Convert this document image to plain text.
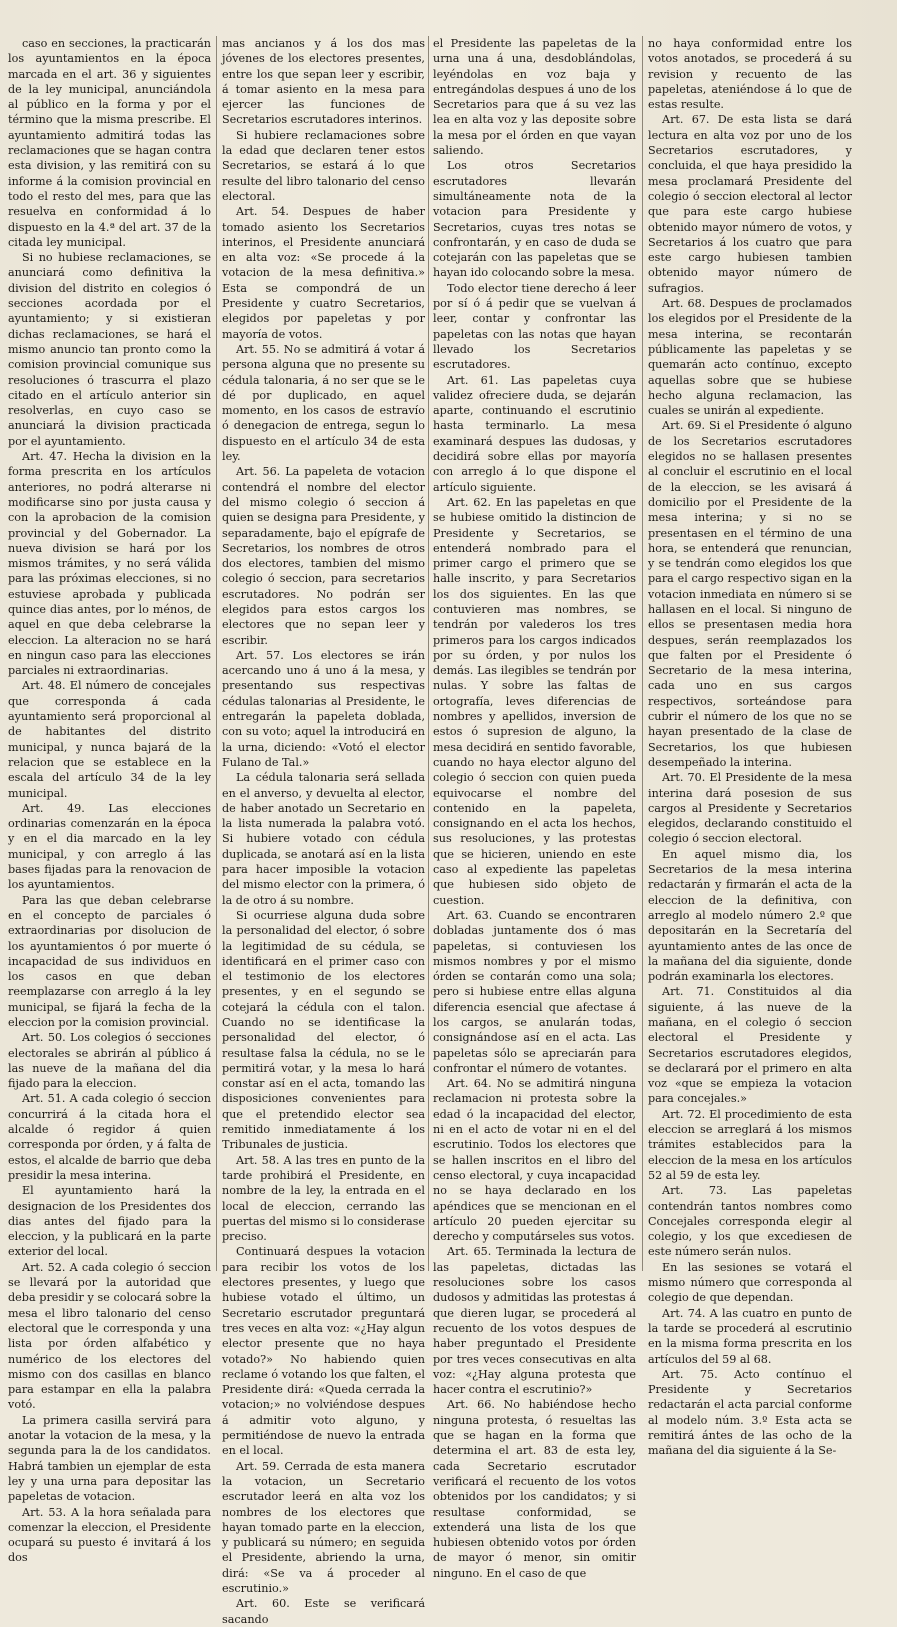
caso en secciones, la practicarán los ayuntamientos en la época marcada en el art. 36 y siguientes de la ley municipal, anunciándola al público en la forma y por el término que la misma prescribe. El ayuntamiento admitirá todas las reclamaciones que se hagan contra esta division, y las remitirá con su informe á la comision provincial en todo el resto del mes, para que las resuelva en conformidad á lo dispuesto en la 4.ª del art. 37 de la citada ley municipal.

Si no hubiese reclamaciones, se anunciará como definitiva la division del distrito en colegios ó secciones acordada por el ayuntamiento; y si existieran dichas reclamaciones, se hará el mismo anuncio tan pronto como la comision provincial comunique sus resoluciones ó trascurra el plazo citado en el artículo anterior sin resolverlas, en cuyo caso se anunciará la division practicada por el ayuntamiento.

Art. 47. Hecha la division en la forma prescrita en los artículos anteriores, no podrá alterarse ni modificarse sino por justa causa y con la aprobacion de la comision provincial y del Gobernador. La nueva division se hará por los mismos trámites, y no será válida para las próximas elecciones, si no estuviese aprobada y publicada quince dias antes, por lo ménos, de aquel en que deba celebrarse la eleccion. La alteracion no se hará en ningun caso para las elecciones parciales ni extraordinarias.

Art. 48. El número de concejales que corresponda á cada ayuntamiento será proporcional al de habitantes del distrito municipal, y nunca bajará de la relacion que se establece en la escala del artículo 34 de la ley municipal.

Art. 49. Las elecciones ordinarias comenzarán en la época y en el dia marcado en la ley municipal, y con arreglo á las bases fijadas para la renovacion de los ayuntamientos.

Para las que deban celebrarse en el concepto de parciales ó extraordinarias por disolucion de los ayuntamientos ó por muerte ó incapacidad de sus individuos en los casos en que deban reemplazarse con arreglo á la ley municipal, se fijará la fecha de la eleccion por la comision provincial.

Art. 50. Los colegios ó secciones electorales se abrirán al público á las nueve de la mañana del dia fijado para la eleccion.

Art. 51. A cada colegio ó seccion concurrirá á la citada hora el alcalde ó regidor á quien corresponda por órden, y á falta de estos, el alcalde de barrio que deba presidir la mesa interina.

El ayuntamiento hará la designacion de los Presidentes dos dias antes del fijado para la eleccion, y la publicará en la parte exterior del local.

Art. 52. A cada colegio ó seccion se llevará por la autoridad que deba presidir y se colocará sobre la mesa el libro talonario del censo electoral que le corresponda y una lista por órden alfabético y numérico de los electores del mismo con dos casillas en blanco para estampar en ella la palabra votó.

La primera casilla servirá para anotar la votacion de la mesa, y la segunda para la de los candidatos. Habrá tambien un ejemplar de esta ley y una urna para depositar las papeletas de votacion.

Art. 53. A la hora señalada para comenzar la eleccion, el Presidente ocupará su puesto é invitará á los dos

mas ancianos y á los dos mas jóvenes de los electores presentes, entre los que sepan leer y escribir, á tomar asiento en la mesa para ejercer las funciones de Secretarios escrutadores interinos.

Si hubiere reclamaciones sobre la edad que declaren tener estos Secretarios, se estará á lo que resulte del libro talonario del censo electoral.

Art. 54. Despues de haber tomado asiento los Secretarios interinos, el Presidente anunciará en alta voz: «Se procede á la votacion de la mesa definitiva.» Esta se compondrá de un Presidente y cuatro Secretarios, elegidos por papeletas y por mayoría de votos.

Art. 55. No se admitirá á votar á persona alguna que no presente su cédula talonaria, á no ser que se le dé por duplicado, en aquel momento, en los casos de estravío ó denegacion de entrega, segun lo dispuesto en el artículo 34 de esta ley.

Art. 56. La papeleta de votacion contendrá el nombre del elector del mismo colegio ó seccion á quien se designa para Presidente, y separadamente, bajo el epígrafe de Secretarios, los nombres de otros dos electores, tambien del mismo colegio ó seccion, para secretarios escrutadores. No podrán ser elegidos para estos cargos los electores que no sepan leer y escribir.

Art. 57. Los electores se irán acercando uno á uno á la mesa, y presentando sus respectivas cédulas talonarias al Presidente, le entregarán la papeleta doblada, con su voto; aquel la introducirá en la urna, diciendo: «Votó el elector Fulano de Tal.»

La cédula talonaria será sellada en el anverso, y devuelta al elector, de haber anotado un Secretario en la lista numerada la palabra votó. Si hubiere votado con cédula duplicada, se anotará así en la lista para hacer imposible la votacion del mismo elector con la primera, ó la de otro á su nombre.

Si ocurriese alguna duda sobre la personalidad del elector, ó sobre la legitimidad de su cédula, se identificará en el primer caso con el testimonio de los electores presentes, y en el segundo se cotejará la cédula con el talon. Cuando no se identificase la personalidad del elector, ó resultase falsa la cédula, no se le permitirá votar, y la mesa lo hará constar así en el acta, tomando las disposiciones convenientes para que el pretendido elector sea remitido inmediatamente á los Tribunales de justicia.

Art. 58. A las tres en punto de la tarde prohibirá el Presidente, en nombre de la ley, la entrada en el local de eleccion, cerrando las puertas del mismo si lo considerase preciso.

Continuará despues la votacion para recibir los votos de los electores presentes, y luego que hubiese votado el último, un Secretario escrutador preguntará tres veces en alta voz: «¿Hay algun elector presente que no haya votado?» No habiendo quien reclame ó votando los que falten, el Presidente dirá: «Queda cerrada la votacion;» no volviéndose despues á admitir voto alguno, y permitiéndose de nuevo la entrada en el local.

Art. 59. Cerrada de esta manera la votacion, un Secretario escrutador leerá en alta voz los nombres de los electores que hayan tomado parte en la eleccion, y publicará su número; en seguida el Presidente, abriendo la urna, dirá: «Se va á proceder al escrutinio.»

Art. 60. Este se verificará sacando

el Presidente las papeletas de la urna una á una, desdoblándolas, leyéndolas en voz baja y entregándolas despues á uno de los Secretarios para que á su vez las lea en alta voz y las deposite sobre la mesa por el órden en que vayan saliendo.

Los otros Secretarios escrutadores llevarán simultáneamente nota de la votacion para Presidente y Secretarios, cuyas tres notas se confrontarán, y en caso de duda se cotejarán con las papeletas que se hayan ido colocando sobre la mesa.

Todo elector tiene derecho á leer por sí ó á pedir que se vuelvan á leer, contar y confrontar las papeletas con las notas que hayan llevado los Secretarios escrutadores.

Art. 61. Las papeletas cuya validez ofreciere duda, se dejarán aparte, continuando el escrutinio hasta terminarlo. La mesa examinará despues las dudosas, y decidirá sobre ellas por mayoría con arreglo á lo que dispone el artículo siguiente.

Art. 62. En las papeletas en que se hubiese omitido la distincion de Presidente y Secretarios, se entenderá nombrado para el primer cargo el primero que se halle inscrito, y para Secretarios los dos siguientes. En las que contuvieren mas nombres, se tendrán por valederos los tres primeros para los cargos indicados por su órden, y por nulos los demás. Las ilegibles se tendrán por nulas. Y sobre las faltas de ortografía, leves diferencias de nombres y apellidos, inversion de estos ó supresion de alguno, la mesa decidirá en sentido favorable, cuando no haya elector alguno del colegio ó seccion con quien pueda equivocarse el nombre del contenido en la papeleta, consignando en el acta los hechos, sus resoluciones, y las protestas que se hicieren, uniendo en este caso al expediente las papeletas que hubiesen sido objeto de cuestion.

Art. 63. Cuando se encontraren dobladas juntamente dos ó mas papeletas, si contuviesen los mismos nombres y por el mismo órden se contarán como una sola; pero si hubiese entre ellas alguna diferencia esencial que afectase á los cargos, se anularán todas, consignándose así en el acta. Las papeletas sólo se apreciarán para confrontar el número de votantes.

Art. 64. No se admitirá ninguna reclamacion ni protesta sobre la edad ó la incapacidad del elector, ni en el acto de votar ni en el del escrutinio. Todos los electores que se hallen inscritos en el libro del censo electoral, y cuya incapacidad no se haya declarado en los apéndices que se mencionan en el artículo 20 pueden ejercitar su derecho y computárseles sus votos.

Art. 65. Terminada la lectura de las papeletas, dictadas las resoluciones sobre los casos dudosos y admitidas las protestas á que dieren lugar, se procederá al recuento de los votos despues de haber preguntado el Presidente por tres veces consecutivas en alta voz: «¿Hay alguna protesta que hacer contra el escrutinio?»

Art. 66. No habiéndose hecho ninguna protesta, ó resueltas las que se hagan en la forma que determina el art. 83 de esta ley, cada Secretario escrutador verificará el recuento de los votos obtenidos por los candidatos; y si resultase conformidad, se extenderá una lista de los que hubiesen obtenido votos por órden de mayor ó menor, sin omitir ninguno. En el caso de que

no haya conformidad entre los votos anotados, se procederá á su revision y recuento de las papeletas, ateniéndose á lo que de estas resulte.

Art. 67. De esta lista se dará lectura en alta voz por uno de los Secretarios escrutadores, y concluida, el que haya presidido la mesa proclamará Presidente del colegio ó seccion electoral al lector que para este cargo hubiese obtenido mayor número de votos, y Secretarios á los cuatro que para este cargo hubiesen tambien obtenido mayor número de sufragios.

Art. 68. Despues de proclamados los elegidos por el Presidente de la mesa interina, se recontarán públicamente las papeletas y se quemarán acto contínuo, excepto aquellas sobre que se hubiese hecho alguna reclamacion, las cuales se unirán al expediente.

Art. 69. Si el Presidente ó alguno de los Secretarios escrutadores elegidos no se hallasen presentes al concluir el escrutinio en el local de la eleccion, se les avisará á domicilio por el Presidente de la mesa interina; y si no se presentasen en el término de una hora, se entenderá que renuncian, y se tendrán como elegidos los que para el cargo respectivo sigan en la votacion inmediata en número si se hallasen en el local. Si ninguno de ellos se presentasen media hora despues, serán reemplazados los que falten por el Presidente ó Secretario de la mesa interina, cada uno en sus cargos respectivos, sorteándose para cubrir el número de los que no se hayan presentado de la clase de Secretarios, los que hubiesen desempeñado la interina.

Art. 70. El Presidente de la mesa interina dará posesion de sus cargos al Presidente y Secretarios elegidos, declarando constituido el colegio ó seccion electoral.

En aquel mismo dia, los Secretarios de la mesa interina redactarán y firmarán el acta de la eleccion de la definitiva, con arreglo al modelo número 2.º que depositarán en la Secretaría del ayuntamiento antes de las once de la mañana del dia siguiente, donde podrán examinarla los electores.

Art. 71. Constituidos al dia siguiente, á las nueve de la mañana, en el colegio ó seccion electoral el Presidente y Secretarios escrutadores elegidos, se declarará por el primero en alta voz «que se empieza la votacion para concejales.»

Art. 72. El procedimiento de esta eleccion se arreglará á los mismos trámites establecidos para la eleccion de la mesa en los artículos 52 al 59 de esta ley.

Art. 73. Las papeletas contendrán tantos nombres como Concejales corresponda elegir al colegio, y los que excediesen de este número serán nulos.

En las sesiones se votará el mismo número que corresponda al colegio de que dependan.

Art. 74. A las cuatro en punto de la tarde se procederá al escrutinio en la misma forma prescrita en los artículos del 59 al 68.

Art. 75. Acto contínuo el Presidente y Secretarios redactarán el acta parcial conforme al modelo núm. 3.º Esta acta se remitirá ántes de las ocho de la mañana del dia siguiente á la Se-
